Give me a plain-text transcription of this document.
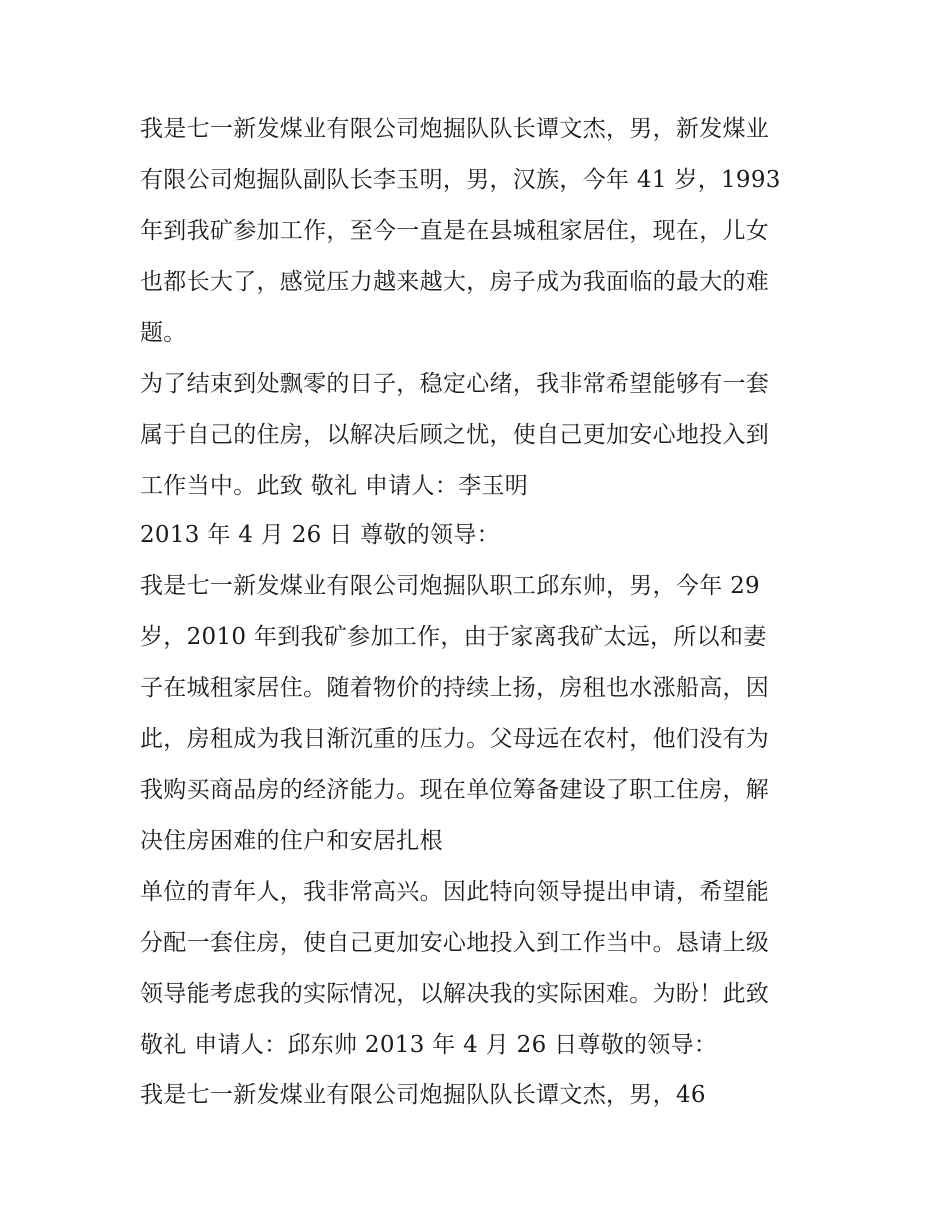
我是七一新发煤业有限公司炮掘队队长谭文杰，男，新发煤业
有限公司炮掘队副队长李玉明，男，汉族，今年 41 岁，1993
年到我矿参加工作，至今一直是在县城租家居住，现在，儿女
也都长大了，感觉压力越来越大，房子成为我面临的最大的难
题。
为了结束到处飘零的日子，稳定心绪，我非常希望能够有一套
属于自己的住房，以解决后顾之忧，使自己更加安心地投入到
工作当中。此致 敬礼 申请人：李玉明
2013 年 4 月 26 日 尊敬的领导：
我是七一新发煤业有限公司炮掘队职工邱东帅，男，今年 29
岁，2010 年到我矿参加工作，由于家离我矿太远，所以和妻
子在城租家居住。随着物价的持续上扬，房租也水涨船高，因
此，房租成为我日渐沉重的压力。父母远在农村，他们没有为
我购买商品房的经济能力。现在单位筹备建设了职工住房，解
决住房困难的住户和安居扎根
单位的青年人，我非常高兴。因此特向领导提出申请，希望能
分配一套住房，使自己更加安心地投入到工作当中。恳请上级
领导能考虑我的实际情况，以解决我的实际困难。为盼！此致
敬礼 申请人：邱东帅 2013 年 4 月 26 日尊敬的领导：
我是七一新发煤业有限公司炮掘队队长谭文杰，男，46
